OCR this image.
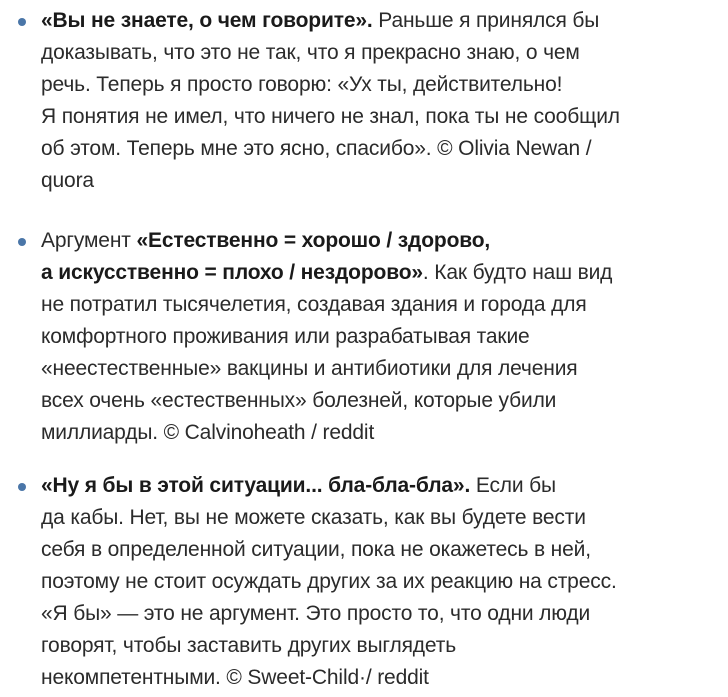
«Вы не знаете, о чем говорите». Раньше я принялся бы
доказывать, что это не так, что я прекрасно знаю, о чем
речь. Теперь я просто говорю: «Ух ты, действительно!
Я понятия не имел, что ничего не знал, пока ты не сообщил
об этом. Теперь мне это ясно, спасибо». © Olivia Newan /
quora

Аргумент «Естественно = хорошо / здорово,
а искусственно = плохо / нездорово». Как будто наш вид
не потратил тысячелетия, создавая здания и города для
комфортного проживания или разрабатывая такие
«неестественные» вакцины и антибиотики для лечения
всех очень «естественных» болезней, которые убили
миллиарды. © Calvinoheath / reddit

«Ну я бы в этой ситуации... бла-бла-бла». Если бы
да кабы. Нет, вы не можете сказать, как вы будете вести
себя в определенной ситуации, пока не окажетесь в ней,
поэтому не стоит осуждать других за их реакцию на стресс.
«Я бы» — это не аргумент. Это просто то, что одни люди
говорят, чтобы заставить других выглядеть
некомпетентными. © Sweet-Child·/ reddit
